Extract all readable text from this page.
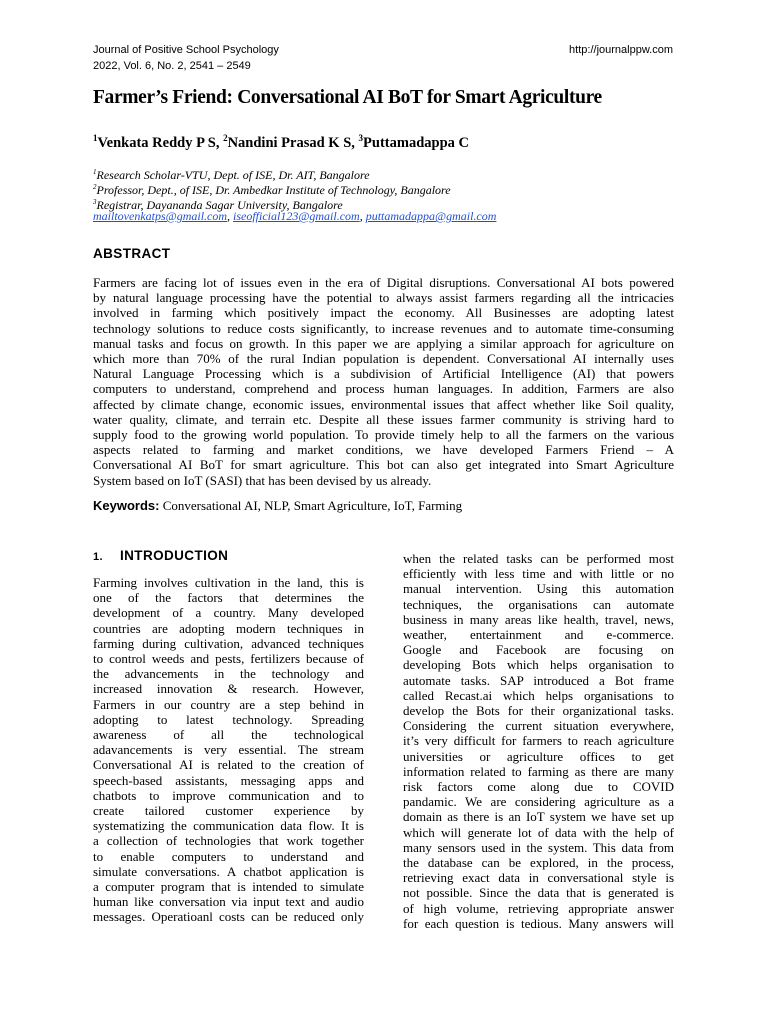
Journal of Positive School Psychology
2022, Vol. 6, No. 2, 2541 – 2549
http://journalppw.com
Farmer’s Friend: Conversational AI BoT for Smart Agriculture
$^1$Venkata Reddy P S, $^2$Nandini Prasad K S, $^3$Puttamadappa C
$^1$Research Scholar-VTU, Dept. of ISE, Dr. AIT, Bangalore
$^2$Professor, Dept., of ISE, Dr. Ambedkar Institute of Technology, Bangalore
$^3$Registrar, Dayananda Sagar University, Bangalore
mailtovenkatps@gmail.com, iseofficial123@gmail.com, puttamadappa@gmail.com
ABSTRACT
Farmers are facing lot of issues even in the era of Digital disruptions. Conversational AI bots powered
by natural language processing have the potential to always assist farmers regarding all the intricacies
involved in farming which positively impact the economy. All Businesses are adopting latest
technology solutions to reduce costs significantly, to increase revenues and to automate time-consuming
manual tasks and focus on growth. In this paper we are applying a similar approach for agriculture on
which more than 70% of the rural Indian population is dependent. Conversational AI internally uses
Natural Language Processing which is a subdivision of Artificial Intelligence (AI) that powers
computers to understand, comprehend and process human languages. In addition, Farmers are also
affected by climate change, economic issues, environmental issues that affect whether like Soil quality,
water quality, climate, and terrain etc. Despite all these issues farmer community is striving hard to
supply food to the growing world population. To provide timely help to all the farmers on the various
aspects related to farming and market conditions, we have developed Farmers Friend – A
Conversational AI BoT for smart agriculture. This bot can also get integrated into Smart Agriculture
System based on IoT (SASI) that has been devised by us already.
Keywords: Conversational AI, NLP, Smart Agriculture, IoT, Farming
1. INTRODUCTION
Farming involves cultivation in the land, this is
one of the factors that determines the
development of a country. Many developed
countries are adopting modern techniques in
farming during cultivation, advanced techniques
to control weeds and pests, fertilizers because of
the advancements in the technology and
increased innovation & research. However,
Farmers in our country are a step behind in
adopting to latest technology. Spreading
awareness of all the technological
adavancements is very essential. The stream
Conversational AI is related to the creation of
speech-based assistants, messaging apps and
chatbots to improve communication and to
create tailored customer experience by
systematizing the communication data flow. It is
a collection of technologies that work together
to enable computers to understand and
simulate conversations. A chatbot application is
a computer program that is intended to simulate
human like conversation via input text and audio
messages. Operatioanl costs can be reduced only
when the related tasks can be performed most
efficiently with less time and with little or no
manual intervention. Using this automation
techniques, the organisations can automate
business in many areas like health, travel, news,
weather, entertainment and e-commerce.
Google and Facebook are focusing on
developing Bots which helps organisation to
automate tasks. SAP introduced a Bot frame
called Recast.ai which helps organisations to
develop the Bots for their organizational tasks.
Considering the current situation everywhere,
it’s very difficult for farmers to reach agriculture
universities or agriculture offices to get
information related to farming as there are many
risk factors come along due to COVID
pandamic. We are considering agriculture as a
domain as there is an IoT system we have set up
which will generate lot of data with the help of
many sensors used in the system. This data from
the database can be explored, in the process,
retrieving exact data in conversational style is
not possible. Since the data that is generated is
of high volume, retrieving appropriate answer
for each question is tedious. Many answers will
